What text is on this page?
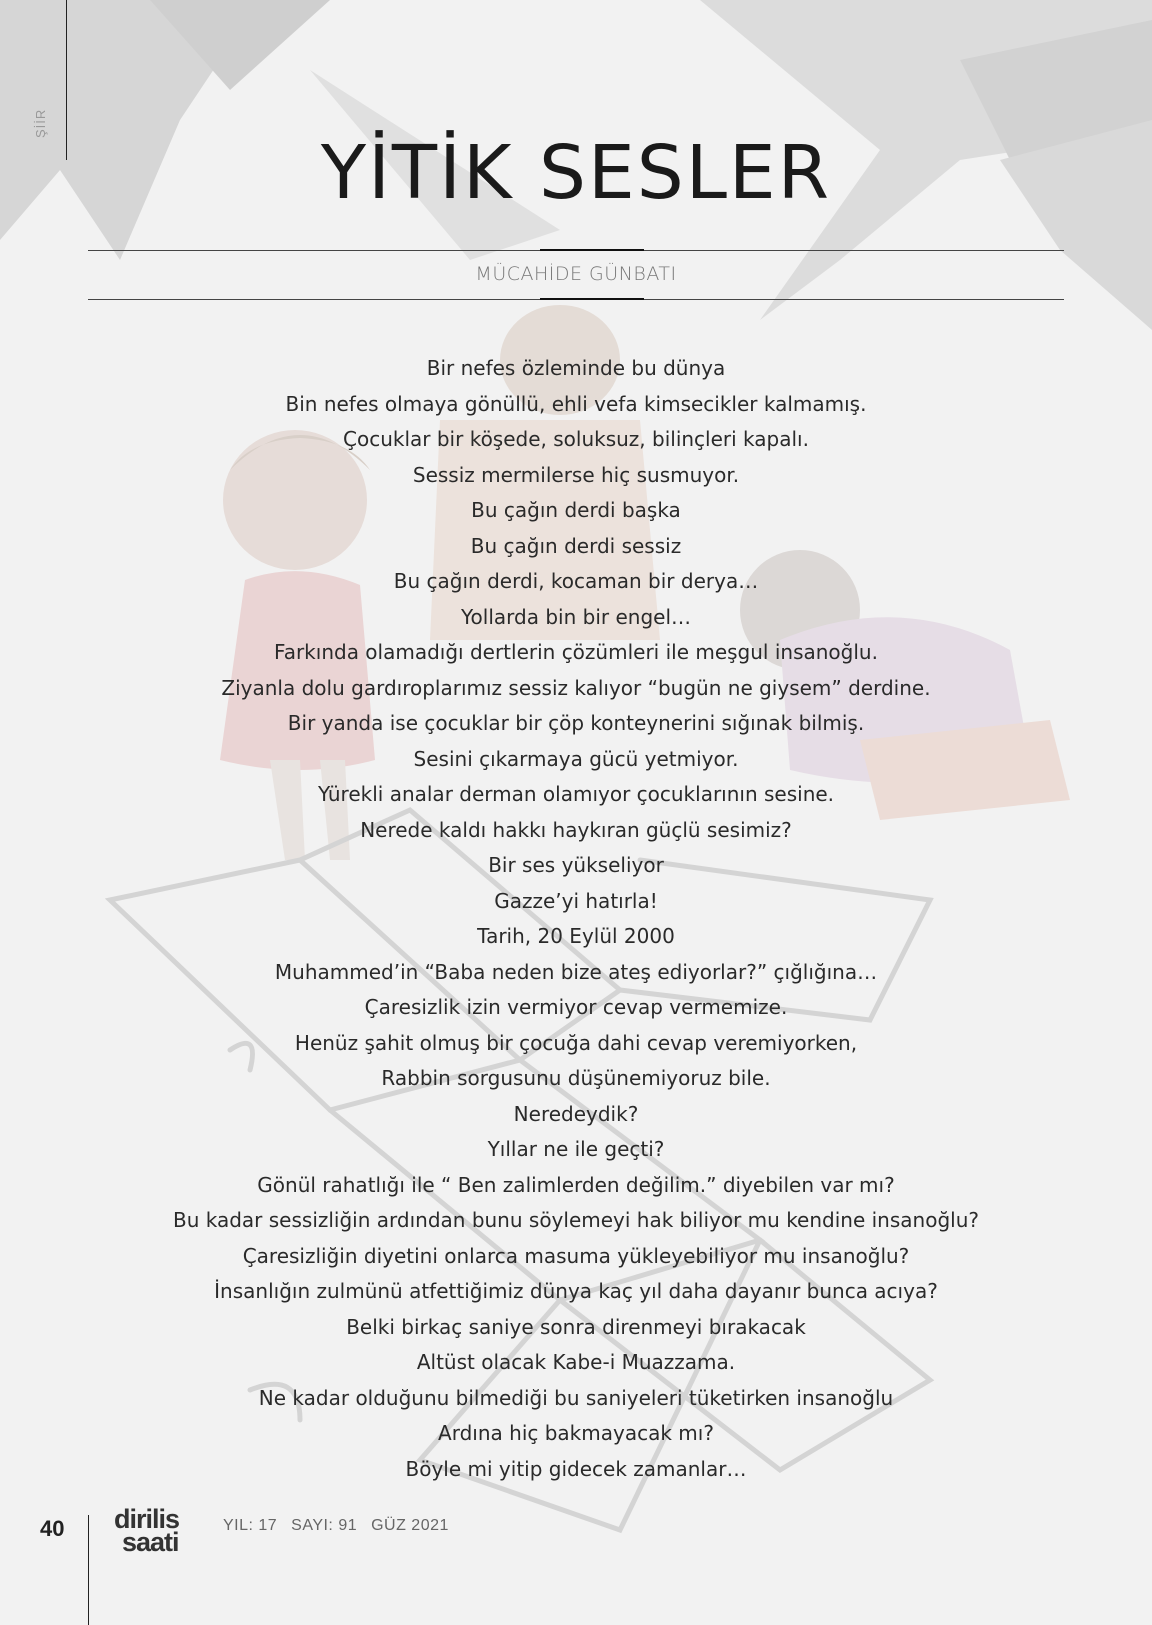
ŞİİR
YİTİK SESLER
MÜCAHİDE GÜNBATI
Bir nefes özleminde bu dünya
Bin nefes olmaya gönüllü, ehli vefa kimsecikler kalmamış.
Çocuklar bir köşede, soluksuz, bilinçleri kapalı.
Sessiz mermilerse hiç susmuyor.
Bu çağın derdi başka
Bu çağın derdi sessiz
Bu çağın derdi, kocaman bir derya…
Yollarda bin bir engel…
Farkında olamadığı dertlerin çözümleri ile meşgul insanoğlu.
Ziyanla dolu gardıroplarımız sessiz kalıyor “bugün ne giysem” derdine.
Bir yanda ise çocuklar bir çöp konteynerini sığınak bilmiş.
Sesini çıkarmaya gücü yetmiyor.
Yürekli analar derman olamıyor çocuklarının sesine.
Nerede kaldı hakkı haykıran güçlü sesimiz?
Bir ses yükseliyor
Gazze’yi hatırla!
Tarih, 20 Eylül 2000
Muhammed’in “Baba neden bize ateş ediyorlar?” çığlığına…
Çaresizlik izin vermiyor cevap vermemize.
Henüz şahit olmuş bir çocuğa dahi cevap veremiyorken,
Rabbin sorgusunu düşünemiyoruz bile.
Neredeydik?
Yıllar ne ile geçti?
Gönül rahatlığı ile “ Ben zalimlerden değilim.” diyebilen var mı?
Bu kadar sessizliğin ardından bunu söylemeyi hak biliyor mu kendine insanoğlu?
Çaresizliğin diyetini onlarca masuma yükleyebiliyor mu insanoğlu?
İnsanlığın zulmünü atfettiğimiz dünya kaç yıl daha dayanır bunca acıya?
Belki birkaç saniye sonra direnmeyi bırakacak
Altüst olacak Kabe-i Muazzama.
Ne kadar olduğunu bilmediği bu saniyeleri tüketirken insanoğlu
Ardına hiç bakmayacak mı?
Böyle mi yitip gidecek zamanlar…
40 dirilis
saati
YIL: 17 SAYI: 91 GÜZ 2021
